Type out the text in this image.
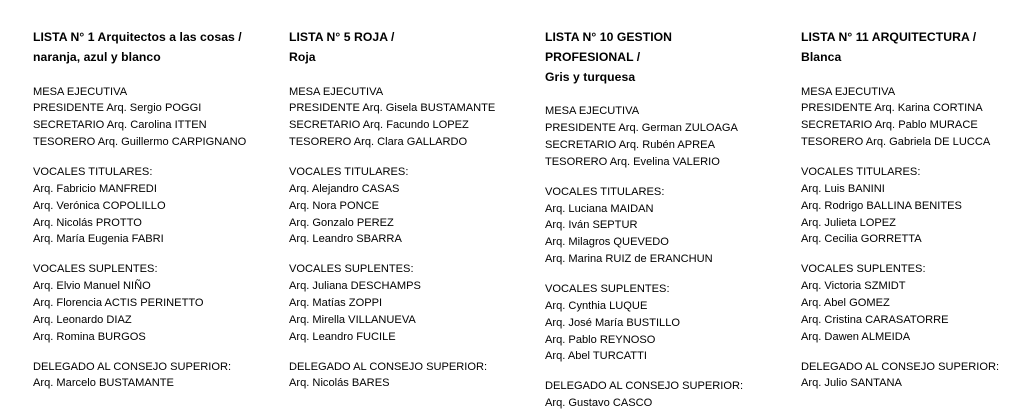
LISTA N° 1 Arquitectos a las cosas /
naranja, azul y blanco

MESA EJECUTIVA

PRESIDENTE Arq. Sergio POGGI

SECRETARIO Arq. Carolina ITTEN

TESORERO Arq. Guillermo CARPIGNANO

VOCALES TITULARES:

Arq. Fabricio MANFREDI

Arq. Verónica COPOLILLO

Arq. Nicolás PROTTO

Arq. María Eugenia FABRI

VOCALES SUPLENTES:

Arq. Elvio Manuel NIÑO

Arq. Florencia ACTIS PERINETTO

Arq. Leonardo DIAZ

Arq. Romina BURGOS

DELEGADO AL CONSEJO SUPERIOR:

Arq. Marcelo BUSTAMANTE

LISTA N° 5 ROJA /
Roja

MESA EJECUTIVA

PRESIDENTE Arq. Gisela BUSTAMANTE

SECRETARIO Arq. Facundo LOPEZ

TESORERO Arq. Clara GALLARDO

VOCALES TITULARES:

Arq. Alejandro CASAS

Arq. Nora PONCE

Arq. Gonzalo PEREZ

Arq. Leandro SBARRA

VOCALES SUPLENTES:

Arq. Juliana DESCHAMPS

Arq. Matías ZOPPI

Arq. Mirella VILLANUEVA

Arq. Leandro FUCILE

DELEGADO AL CONSEJO SUPERIOR:

Arq. Nicolás BARES

LISTA N° 10 GESTION PROFESIONAL /
Gris y turquesa

MESA EJECUTIVA

PRESIDENTE Arq. German ZULOAGA

SECRETARIO Arq. Rubén APREA

TESORERO Arq. Evelina VALERIO

VOCALES TITULARES:

Arq. Luciana MAIDAN

Arq. Iván SEPTUR

Arq. Milagros QUEVEDO

Arq. Marina RUIZ de ERANCHUN

VOCALES SUPLENTES:

Arq. Cynthia LUQUE

Arq. José María BUSTILLO

Arq. Pablo REYNOSO

Arq. Abel TURCATTI

DELEGADO AL CONSEJO SUPERIOR:

Arq. Gustavo CASCO

LISTA N° 11 ARQUITECTURA /
Blanca

MESA EJECUTIVA

PRESIDENTE Arq. Karina CORTINA

SECRETARIO Arq. Pablo MURACE

TESORERO Arq. Gabriela DE LUCCA

VOCALES TITULARES:

Arq. Luis BANINI

Arq. Rodrigo BALLINA BENITES

Arq. Julieta LOPEZ

Arq. Cecilia GORRETTA

VOCALES SUPLENTES:

Arq. Victoria SZMIDT

Arq. Abel GOMEZ

Arq. Cristina CARASATORRE

Arq. Dawen ALMEIDA

DELEGADO AL CONSEJO SUPERIOR:

Arq. Julio SANTANA
